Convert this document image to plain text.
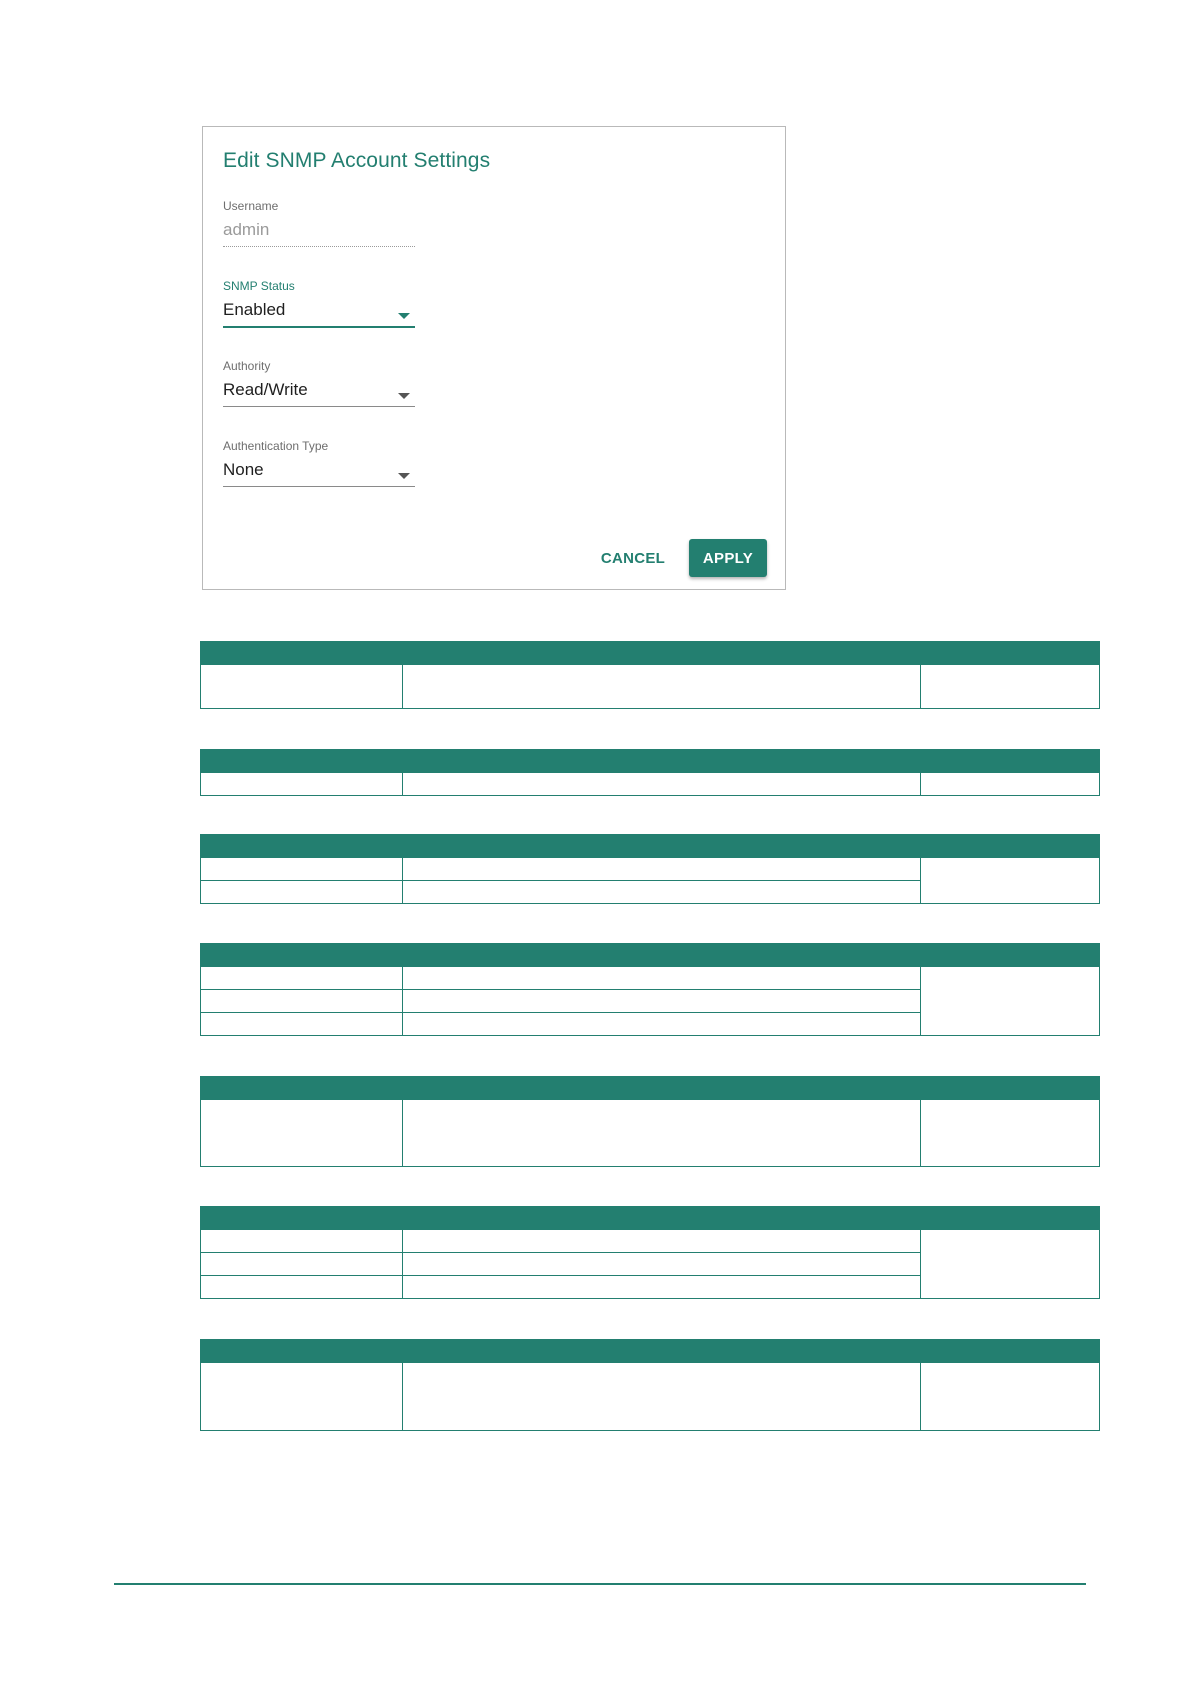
Edit SNMP Account Settings
Username
admin
SNMP Status
Enabled
Authority
Read/Write
Authentication Type
None
CANCEL	APPLY
